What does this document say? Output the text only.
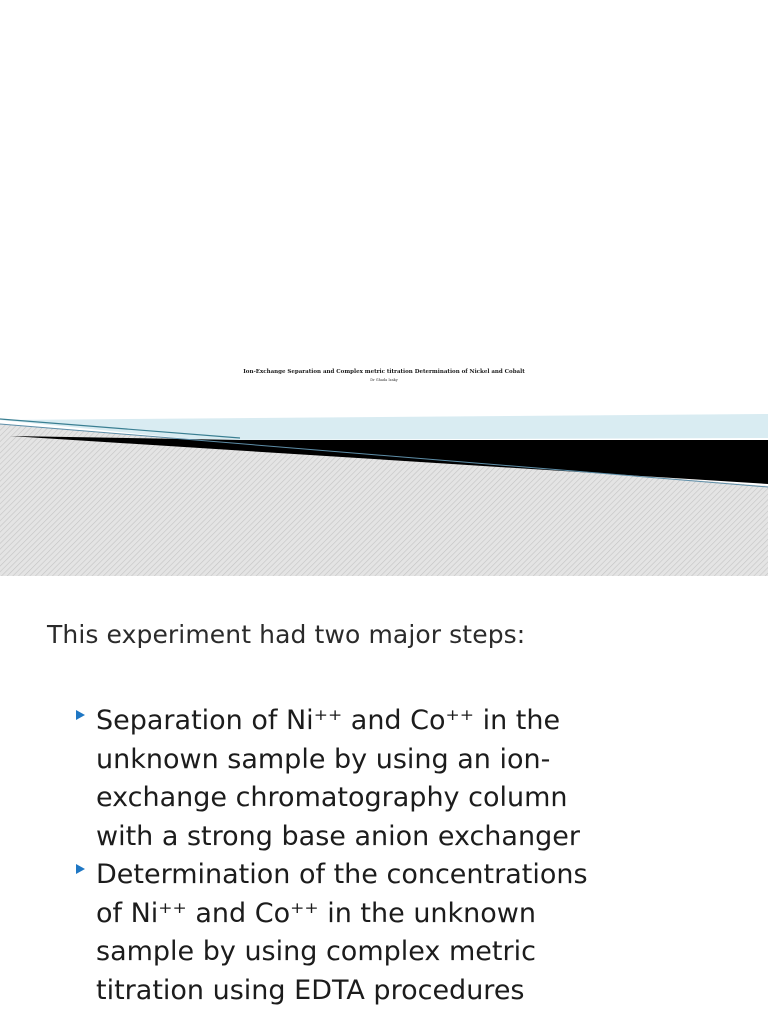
Ion-Exchange Separation and Complex metric titration Determination of Nickel and Cobalt
Dr Ghada Izaky
This experiment had two major steps:
Separation of Ni⁺⁺ and Co⁺⁺ in the
unknown sample by using an ion-
exchange chromatography column
with a strong base anion exchanger
Determination of the concentrations
of Ni⁺⁺ and Co⁺⁺ in the unknown
sample by using complex metric
titration using EDTA procedures
